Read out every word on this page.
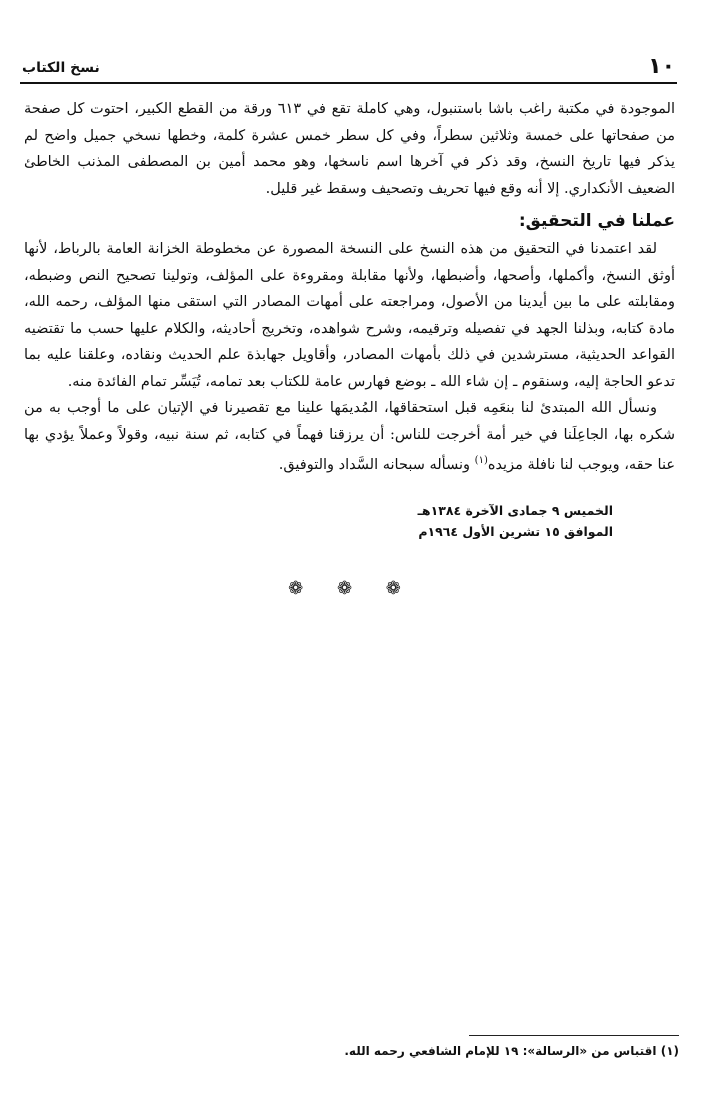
١٠
نسخ الكتاب

الموجودة في مكتبة راغب باشا باستنبول، وهي كاملة تقع في ٦١٣ ورقة من القطع الكبير، احتوت كل صفحة من صفحاتها على خمسة وثلاثين سطراً، وفي كل سطر خمس عشرة كلمة، وخطها نسخي جميل واضح لم يذكر فيها تاريخ النسخ، وقد ذكر في آخرها اسم ناسخها، وهو محمد أمين بن المصطفى المذنب الخاطئ الضعيف الأنكداري. إلا أنه وقع فيها تحريف وتصحيف وسقط غير قليل.

عملنا في التحقيق:

لقد اعتمدنا في التحقيق من هذه النسخ على النسخة المصورة عن مخطوطة الخزانة العامة بالرباط، لأنها أوثق النسخ، وأكملها، وأصحها، وأضبطها، ولأنها مقابلة ومقروءة على المؤلف، وتولينا تصحيح النص وضبطه، ومقابلته على ما بين أيدينا من الأصول، ومراجعته على أمهات المصادر التي استقى منها المؤلف، رحمه الله، مادة كتابه، وبذلنا الجهد في تفصيله وترقيمه، وشرح شواهده، وتخريج أحاديثه، والكلام عليها حسب ما تقتضيه القواعد الحديثية، مسترشدين في ذلك بأمهات المصادر، وأقاويل جهابذة علم الحديث ونقاده، وعلقنا عليه بما تدعو الحاجة إليه، وسنقوم ـ إن شاء الله ـ بوضع فهارس عامة للكتاب بعد تمامه، تُيَسِّر تمام الفائدة منه.

ونسأل الله المبتدئ لنا بنعَمِه قبل استحقاقها، المُديمَها علينا مع تقصيرنا في الإتيان على ما أوجب به من شكره بها، الجاعِلَنا في خير أمة أخرجت للناس: أن يرزقنا فهماً في كتابه، ثم سنة نبيه، وقولاً وعملاً يؤدي بها عنا حقه، ويوجب لنا نافلة مزيده$^{(١)}$ ونسأله سبحانه السَّداد والتوفيق.

الخميس ٩ جمادى الآخرة ١٣٨٤هـ
الموافق ١٥ تشرين الأول ١٩٦٤م
❁ ❁ ❁
(١) اقتباس من «الرسالة»: ١٩ للإمام الشافعي رحمه الله.
